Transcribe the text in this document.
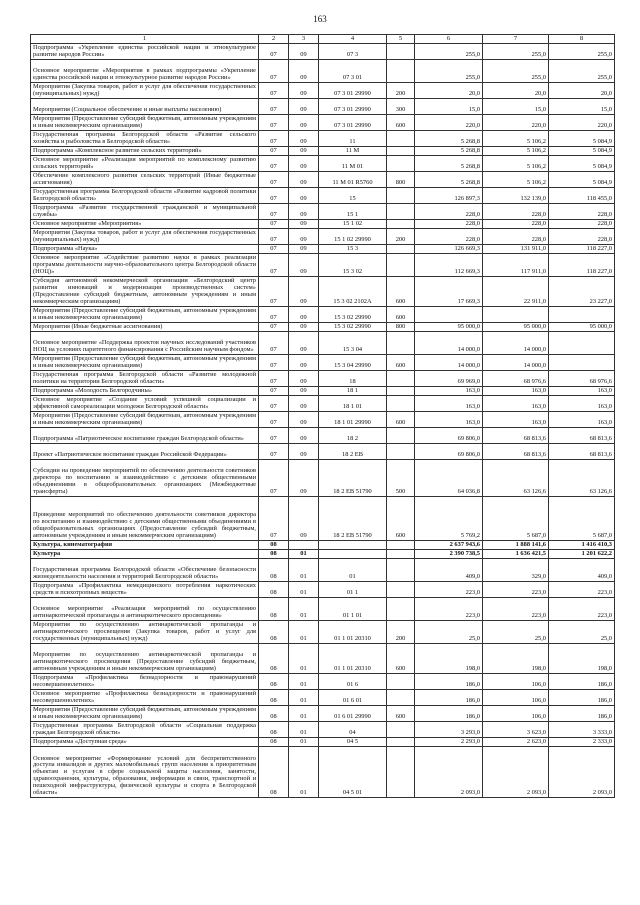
163
1	2	3	4	5	6	7	8
Подпрограмма «Укрепление единства российской нации и этнокультурное развитие народов России»	07	09	07 3		255,0	255,0	255,0
Основное мероприятие «Мероприятия в рамках подпрограммы «Укрепление единства российской нации и этнокультурное развитие народов России»	07	09	07 3 01		255,0	255,0	255,0
Мероприятия (Закупка товаров, работ и услуг для обеспечения государственных (муниципальных) нужд)	07	09	07 3 01 29990	200	20,0	20,0	20,0
Мероприятия (Социальное обеспечение и иные выплаты населению)	07	09	07 3 01 29990	300	15,0	15,0	15,0
Мероприятия (Предоставление субсидий бюджетным, автономным учреждениям и иным некоммерческим организациям)	07	09	07 3 01 29990	600	220,0	220,0	220,0
Государственная программа Белгородской области «Развитие сельского хозяйства и рыболовства в Белгородской области»	07	09	11		5 268,8	5 106,2	5 084,9
Подпрограмма «Комплексное развитие сельских территорий»	07	09	11 М		5 268,8	5 106,2	5 084,9
Основное мероприятие «Реализация мероприятий по комплексному развитию сельских территорий»	07	09	11 М 01		5 268,8	5 106,2	5 084,9
Обеспечение комплексного развития сельских территорий (Иные бюджетные ассигнования)	07	09	11 М 01 R5760	800	5 268,8	5 106,2	5 084,9
Государственная программа Белгородской области «Развитие кадровой политики Белгородской области»	07	09	15		126 897,3	132 139,0	118 455,0
Подпрограмма «Развитие государственной гражданской и муниципальной службы»	07	09	15 1		228,0	228,0	228,0
Основное мероприятие «Мероприятия»	07	09	15 1 02		228,0	228,0	228,0
Мероприятия (Закупка товаров, работ и услуг для обеспечения государственных (муниципальных) нужд)	07	09	15 1 02 29990	200	228,0	228,0	228,0
Подпрограмма «Наука»	07	09	15 3		126 669,3	131 911,0	118 227,0
Основное мероприятие «Содействие развитию науки в рамках реализации программы деятельности научно-образовательного центра Белгородской области (НОЦ)»	07	09	15 3 02		112 669,3	117 911,0	118 227,0
Субсидия автономной некоммерческой организации «Белгородский центр развития инноваций и модернизации производственных систем» (Предоставление субсидий бюджетным, автономным учреждениям и иным некоммерческим организациям)	07	09	15 3 02 2102А	600	17 669,3	22 911,0	23 227,0
Мероприятия (Предоставление субсидий бюджетным, автономным учреждениям и иным некоммерческим организациям)	07	09	15 3 02 29990	600			
Мероприятия (Иные бюджетные ассигнования)	07	09	15 3 02 29990	800	95 000,0	95 000,0	95 000,0
Основное мероприятие «Поддержка проектов научных исследований участников НОЦ на условиях паритетного финансирования с Российским научным фондом»	07	09	15 3 04		14 000,0	14 000,0	
Мероприятия (Предоставление субсидий бюджетным, автономным учреждениям и иным некоммерческим организациям)	07	09	15 3 04 29990	600	14 000,0	14 000,0	
Государственная программа Белгородской области «Развитие молодежной политики на территории Белгородской области»	07	09	18		69 969,0	68 976,6	68 976,6
Подпрограмма «Молодость Белгородчины»	07	09	18 1		163,0	163,0	163,0
Основное мероприятие «Создание условий успешной социализации и эффективной самореализации молодежи Белгородской области»	07	09	18 1 01		163,0	163,0	163,0
Мероприятия (Предоставление субсидий бюджетным, автономным учреждениям и иным некоммерческим организациям)	07	09	18 1 01 29990	600	163,0	163,0	163,0
Подпрограмма «Патриотическое воспитание граждан Белгородской области»	07	09	18 2		69 806,0	68 813,6	68 813,6
Проект «Патриотическое воспитание граждан Российской Федерации»	07	09	18 2 ЕВ		69 806,0	68 813,6	68 813,6
Субсидии на проведение мероприятий по обеспечению деятельности советников директора по воспитанию и взаимодействию с детскими общественными объединениями в общеобразовательных организациях (Межбюджетные трансферты)	07	09	18 2 ЕВ 51790	500	64 036,8	63 126,6	63 126,6
Проведение мероприятий по обеспечению деятельности советников директора по воспитанию и взаимодействию с детскими общественными объединениями в общеобразовательных организациях (Предоставление субсидий бюджетным, автономным учреждениям и иным некоммерческим организациям)	07	09	18 2 ЕВ 51790	600	5 769,2	5 687,0	5 687,0
Культура, кинематография	08				2 637 943,6	1 888 141,6	1 416 410,3
Культура	08	01			2 390 738,5	1 636 421,5	1 201 622,2
Государственная программа Белгородской области «Обеспечение безопасности жизнедеятельности населения и территорий Белгородской области»	08	01	01		409,0	329,0	409,0
Подпрограмма «Профилактика немедицинского потребления наркотических средств и психотропных веществ»	08	01	01 1		223,0	223,0	223,0
Основное мероприятие «Реализация мероприятий по осуществлению антинаркотической пропаганды и антинаркотического просвещения»	08	01	01 1 01		223,0	223,0	223,0
Мероприятия по осуществлению антинаркотической пропаганды и антинаркотического просвещения (Закупка товаров, работ и услуг для государственных (муниципальных) нужд)	08	01	01 1 01 20310	200	25,0	25,0	25,0
Мероприятия по осуществлению антинаркотической пропаганды и антинаркотического просвещения (Предоставление субсидий бюджетным, автономным учреждениям и иным некоммерческим организациям)	08	01	01 1 01 20310	600	198,0	198,0	198,0
Подпрограмма «Профилактика безнадзорности и правонарушений несовершеннолетних»	08	01	01 6		186,0	106,0	186,0
Основное мероприятие «Профилактика безнадзорности и правонарушений несовершеннолетних»	08	01	01 6 01		186,0	106,0	186,0
Мероприятия (Предоставление субсидий бюджетным, автономным учреждениям и иным некоммерческим организациям)	08	01	01 6 01 29990	600	186,0	106,0	186,0
Государственная программа Белгородской области «Социальная поддержка граждан Белгородской области»	08	01	04		3 293,0	3 623,0	3 333,0
Подпрограмма «Доступная среда»	08	01	04 5		2 293,0	2 623,0	2 333,0
Основное мероприятие «Формирование условий для беспрепятственного доступа инвалидов и других маломобильных групп населения к приоритетным объектам и услугам в сфере социальной защиты населения, занятости, здравоохранения, культуры, образования, информации и связи, транспортной и пешеходной инфраструктуры, физической культуры и спорта в Белгородской области»	08	01	04 5 01		2 093,0	2 093,0	2 093,0
